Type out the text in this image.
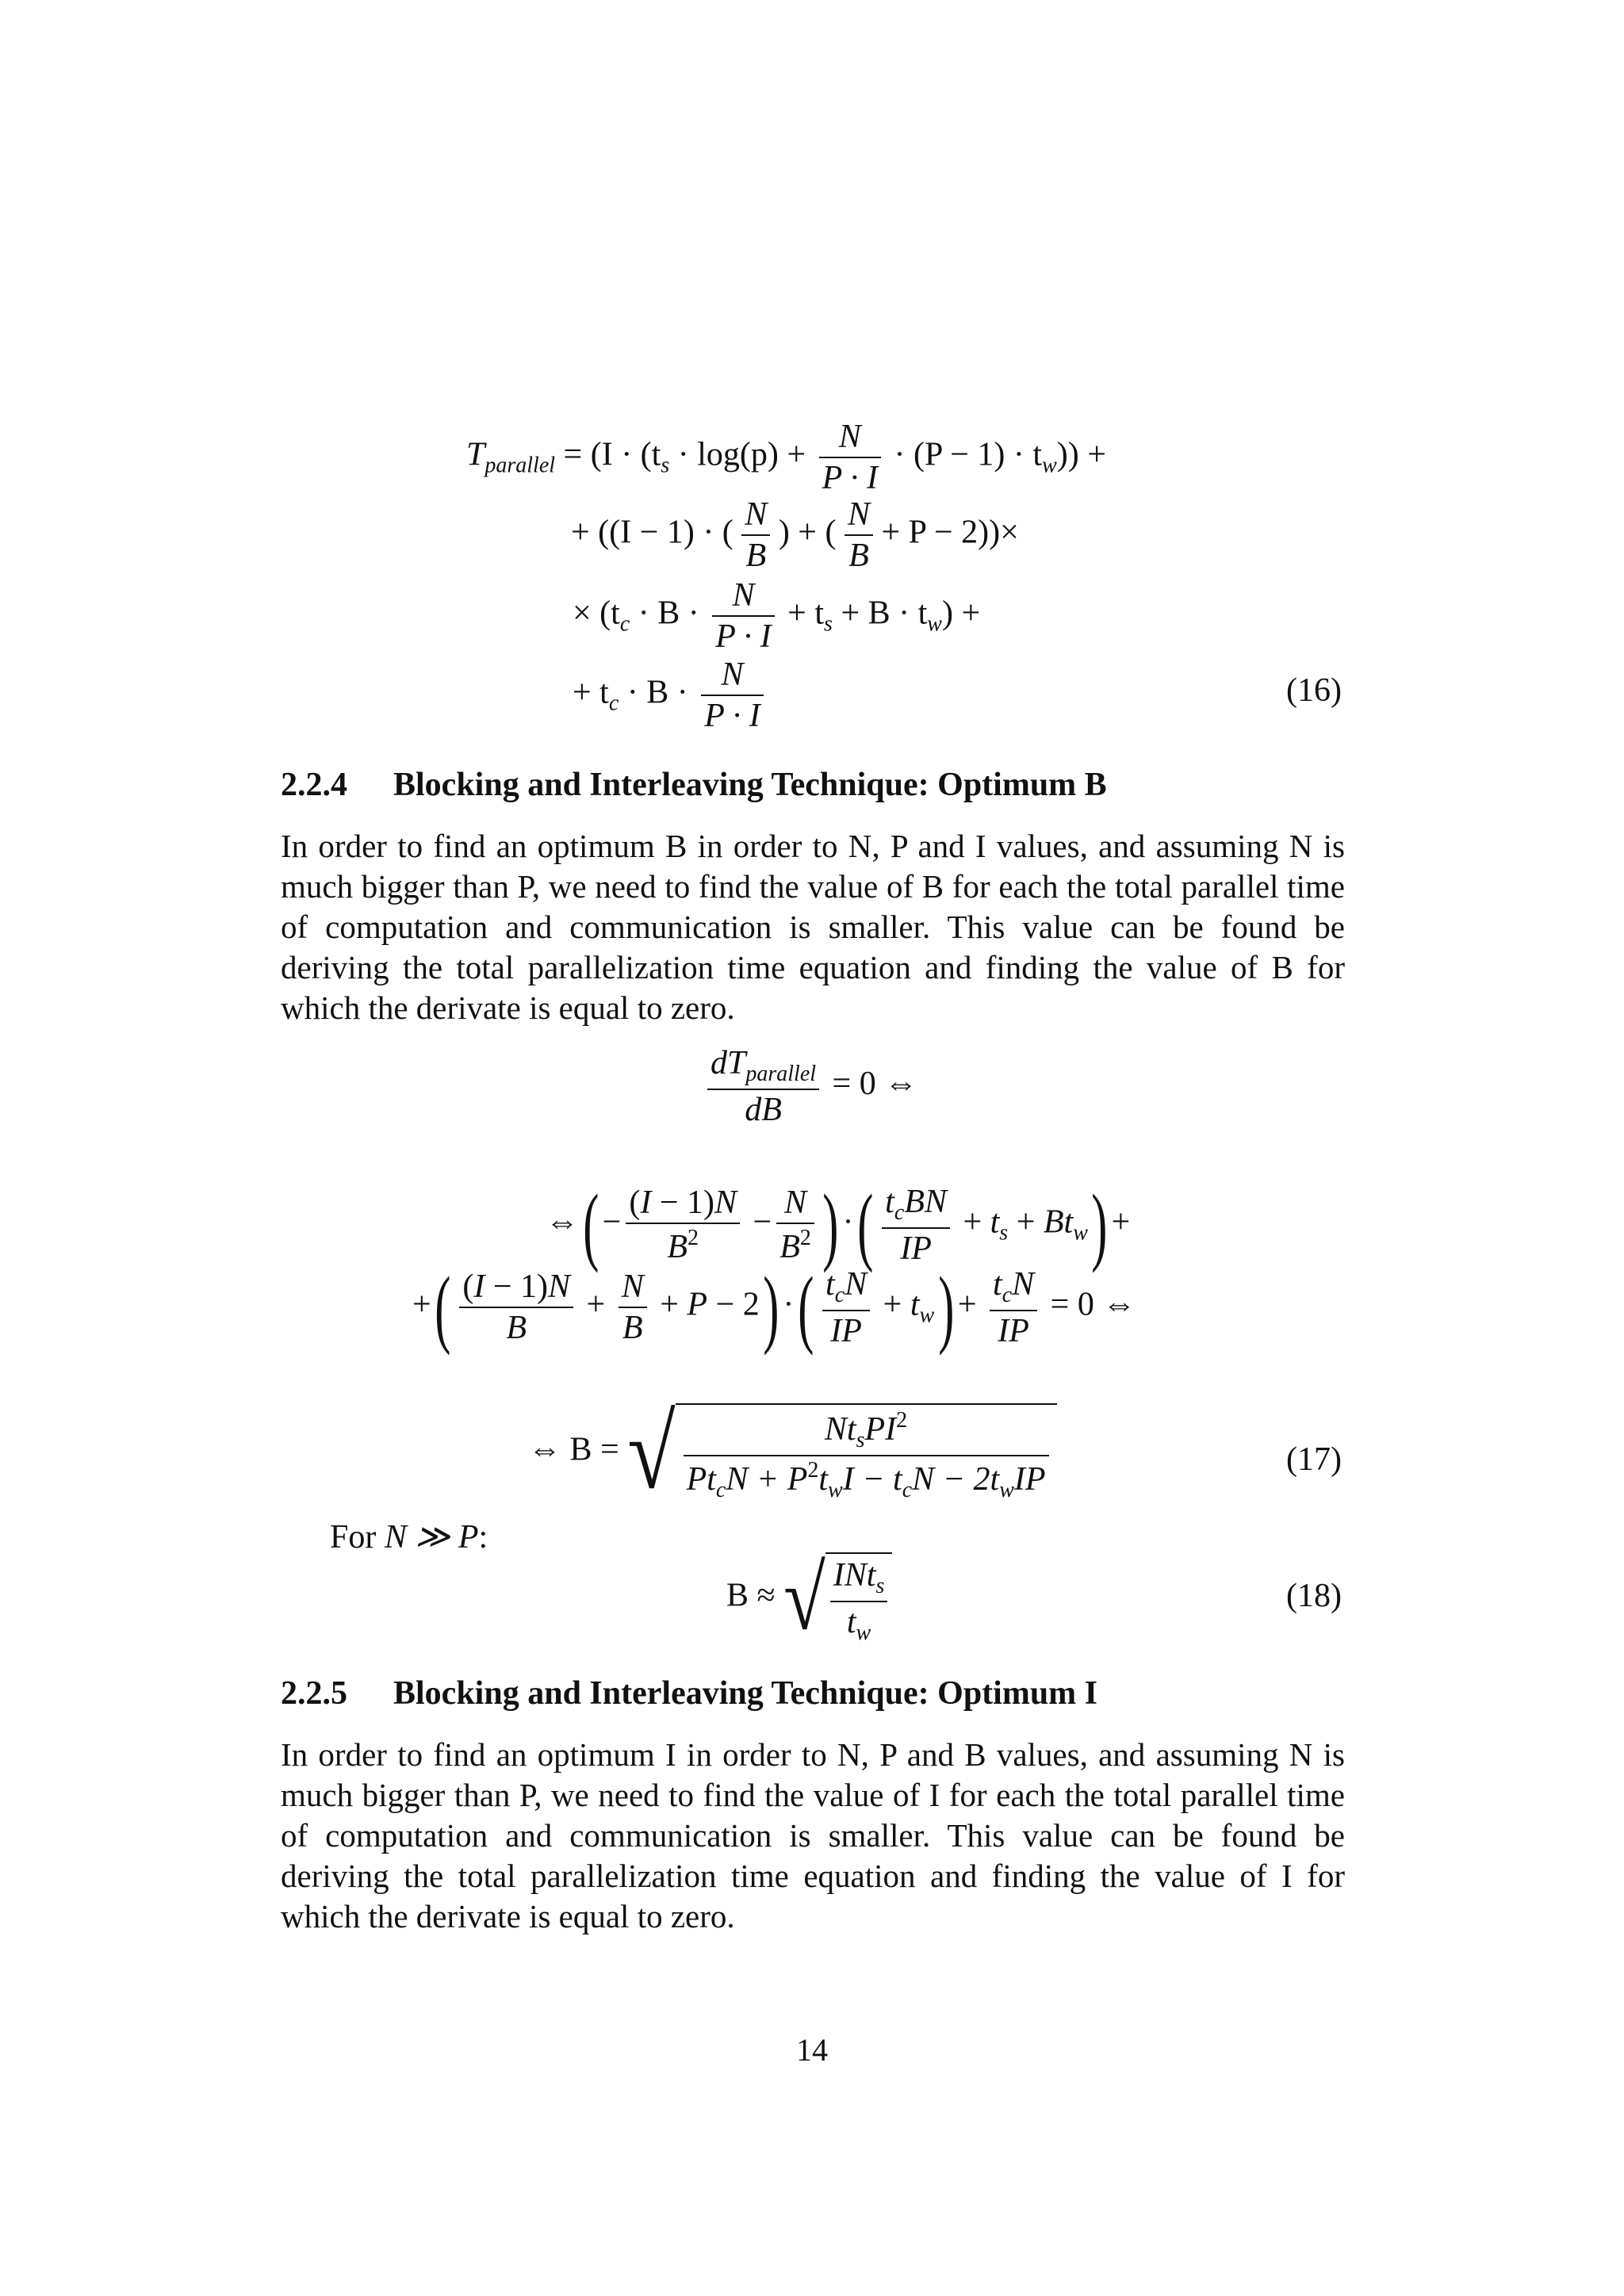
$T_{parallel} = (I \cdot (t_s \cdot \log(p) + \frac{N}{P \cdot I} \cdot (P - 1) \cdot t_w))$ +
+ ((I − 1) · ( $\frac{N}{B}$ ) + ( $\frac{N}{B} + P - 2))\times$
× $(t_c \cdot B \cdot \frac{N}{P \cdot I} + t_s + B \cdot t_w)$ +
+ $t_c \cdot B \cdot \frac{N}{P \cdot I}$	(16)
2.2.4 Blocking and Interleaving Technique: Optimum B
In order to find an optimum B in order to N, P and I values, and assuming N is much bigger than P, we need to find the value of B for each the total parallel time of computation and communication is smaller. This value can be found be deriving the total parallelization time equation and finding the value of B for which the derivate is equal to zero.
$\frac{dT_{parallel}}{dB} = 0$ ⇔
⇔ ( − $\frac{(I - 1)N}{B^2} - \frac{N}{B^2}$ ) · ( $\frac{t_cBN}{IP} + t_s + Bt_w$ ) +
+ ( $\frac{(I - 1)N}{B} + \frac{N}{B} + P - 2$ ) · ( $\frac{t_cN}{IP} + t_w$ ) + $\frac{t_cN}{IP} = 0$ ⇔
⇔ B = √ $\frac{Nt_sPI^2}{Pt_cN + P^2t_wI - t_cN - 2t_wIP}$	(17)
For N ≫ P:
B ≈ √ $\frac{INt_s}{t_w}$	(18)
2.2.5 Blocking and Interleaving Technique: Optimum I
In order to find an optimum I in order to N, P and B values, and assuming N is much bigger than P, we need to find the value of I for each the total parallel time of computation and communication is smaller. This value can be found be deriving the total parallelization time equation and finding the value of I for which the derivate is equal to zero.
14
